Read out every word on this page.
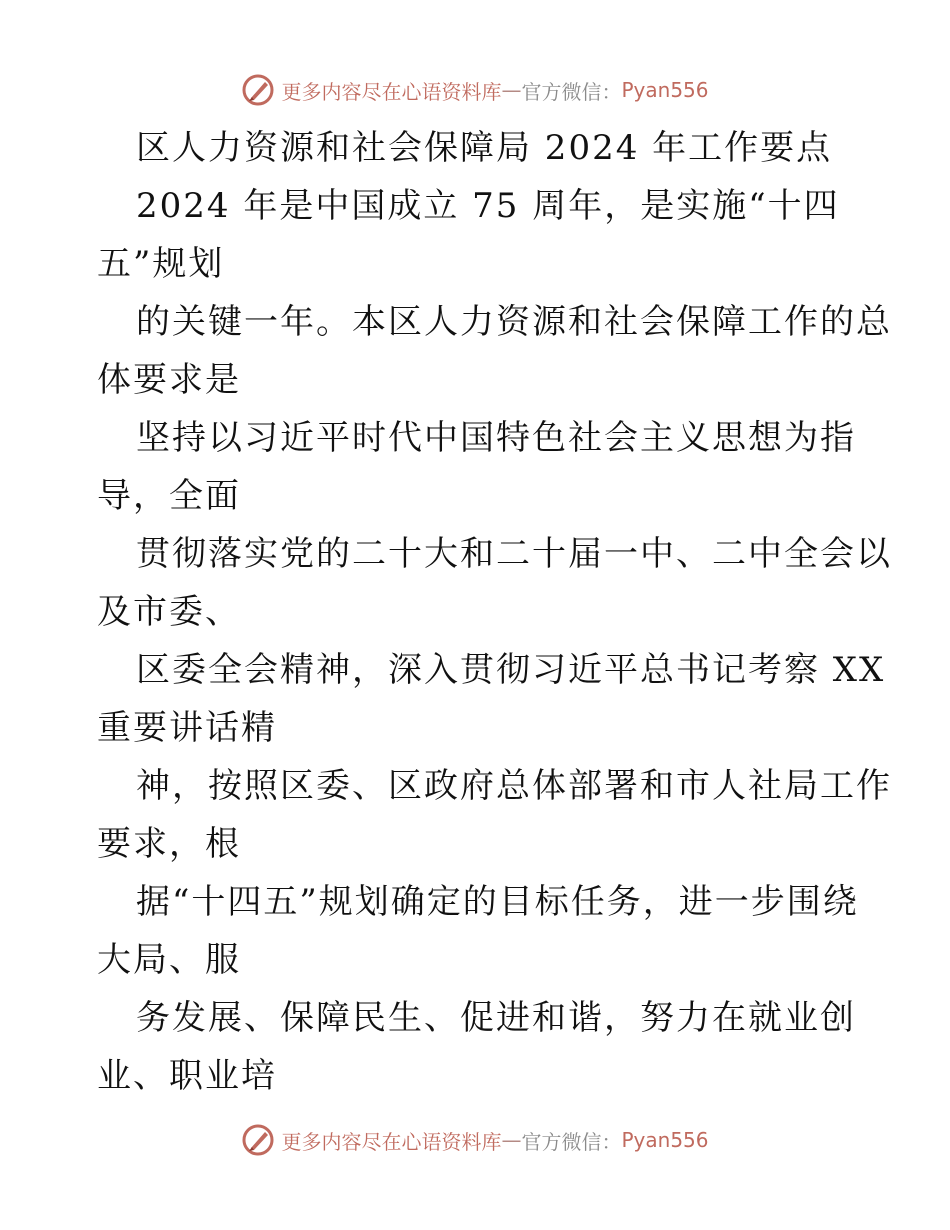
更多内容尽在心语资料库 — 官方微信： Pyan556
区人力资源和社会保障局 2024 年工作要点
2024 年是中国成立 75 周年，是实施“十四
五”规划
的关键一年。本区人力资源和社会保障工作的总
体要求是
坚持以习近平时代中国特色社会主义思想为指
导，全面
贯彻落实党的二十大和二十届一中、二中全会以
及市委、
区委全会精神，深入贯彻习近平总书记考察 XX
重要讲话精
神，按照区委、区政府总体部署和市人社局工作
要求，根
据“十四五”规划确定的目标任务，进一步围绕
大局、服
务发展、保障民生、促进和谐，努力在就业创
业、职业培
更多内容尽在心语资料库 — 官方微信： Pyan556
